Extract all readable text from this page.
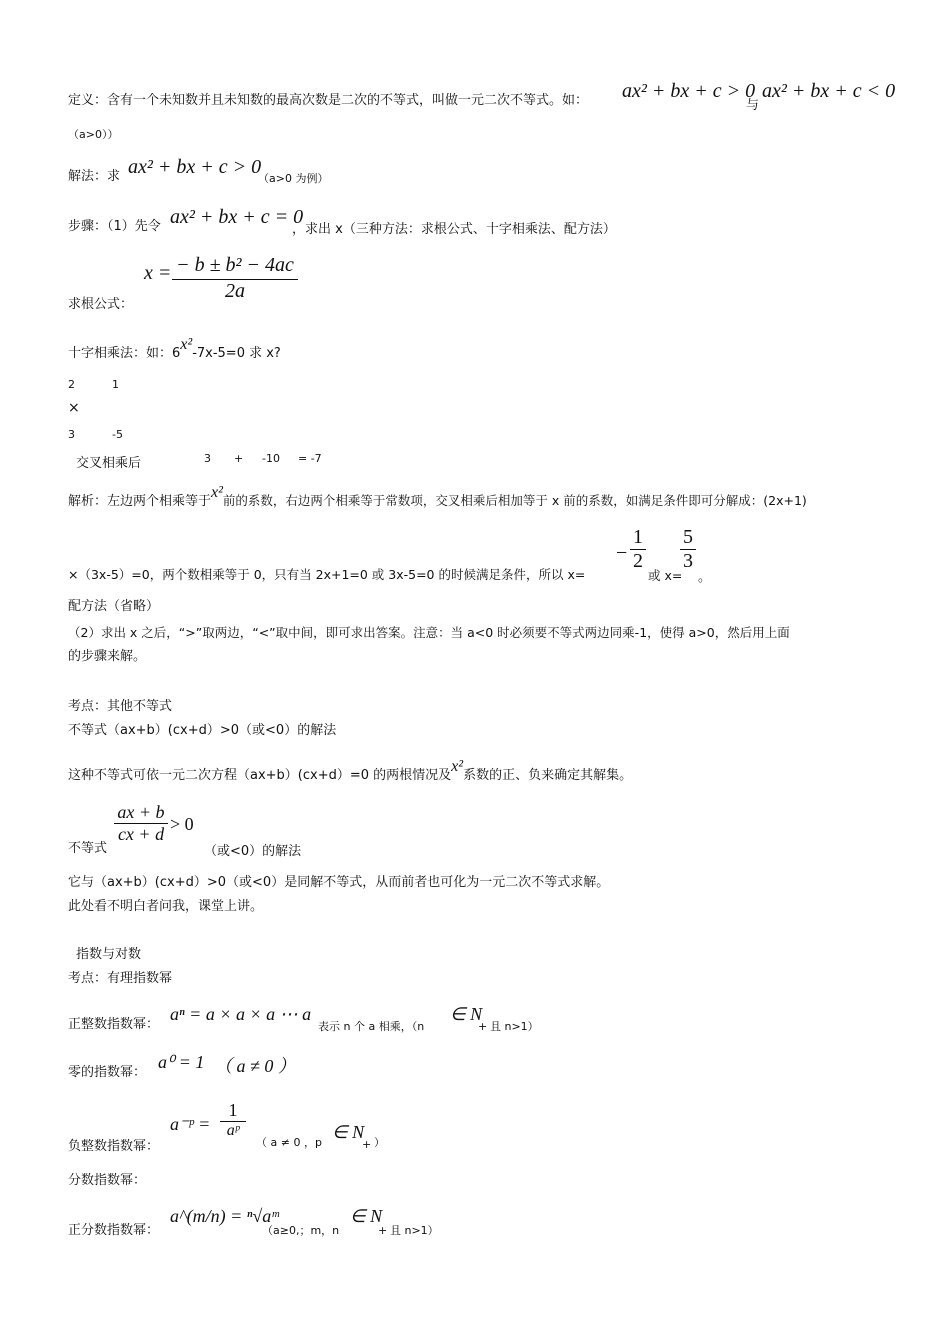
定义：含有一个未知数并且未知数的最高次数是二次的不等式，叫做一元二次不等式。如： ax² + bx + c > 0
与
ax² + bx + c < 0
（a>0））
解法：求 ax² + bx + c > 0
（a>0 为例）
步骤：（1）先令 ax² + bx + c = 0
，求出 x（三种方法：求根公式、十字相乘法、配方法）
$x = \frac{\text{− b ± b² − 4ac}}{2a}$
求根公式：
十字相乘法：如：6x²-7x-5=0 求 x?
2	1
×
3	-5
交叉相乘后	3 + -10 = -7
解析：左边两个相乘等于x²前的系数，右边两个相乘等于常数项，交叉相乘后相加等于 x 前的系数，如满足条件即可分解成：(2x+1)
×（3x-5）=0，两个数相乘等于 0，只有当 2x+1=0 或 3x-5=0 的时候满足条件，所以 x=
− $\frac{1}{2}$
或 x=
$\frac{5}{3}$
。
配方法（省略）
（2）求出 x 之后，“>”取两边，“<”取中间，即可求出答案。注意：当 a<0 时必须要不等式两边同乘-1，使得 a>0，然后用上面
的步骤来解。
考点：其他不等式
不等式（ax+b）(cx+d）>0（或<0）的解法
这种不等式可依一元二次方程（ax+b）(cx+d）=0 的两根情况及x²系数的正、负来确定其解集。
$\frac{ax + b}{cx + d} > 0$
不等式	（或<0）的解法
它与（ax+b）(cx+d）>0（或<0）是同解不等式，从而前者也可化为一元二次不等式求解。
此处看不明白者问我，课堂上讲。
指数与对数
考点：有理指数幂
正整数指数幂：
aⁿ = a × a × a ⋯ a
表示 n 个 a 相乘，（n
∈ N
+ 且 n>1）
零的指数幂：
a⁰ = 1 （ a ≠ 0 ）
a⁻ᵖ = $\frac{1}{\text{aᵖ}}$
负整数指数幂：	（ a ≠ 0 ，p
∈ N
+ ）
分数指数幂：
正分数指数幂：
a^(m/n) = ⁿ√aᵐ
（a≥0,；m，n
∈ N
+ 且 n>1）
